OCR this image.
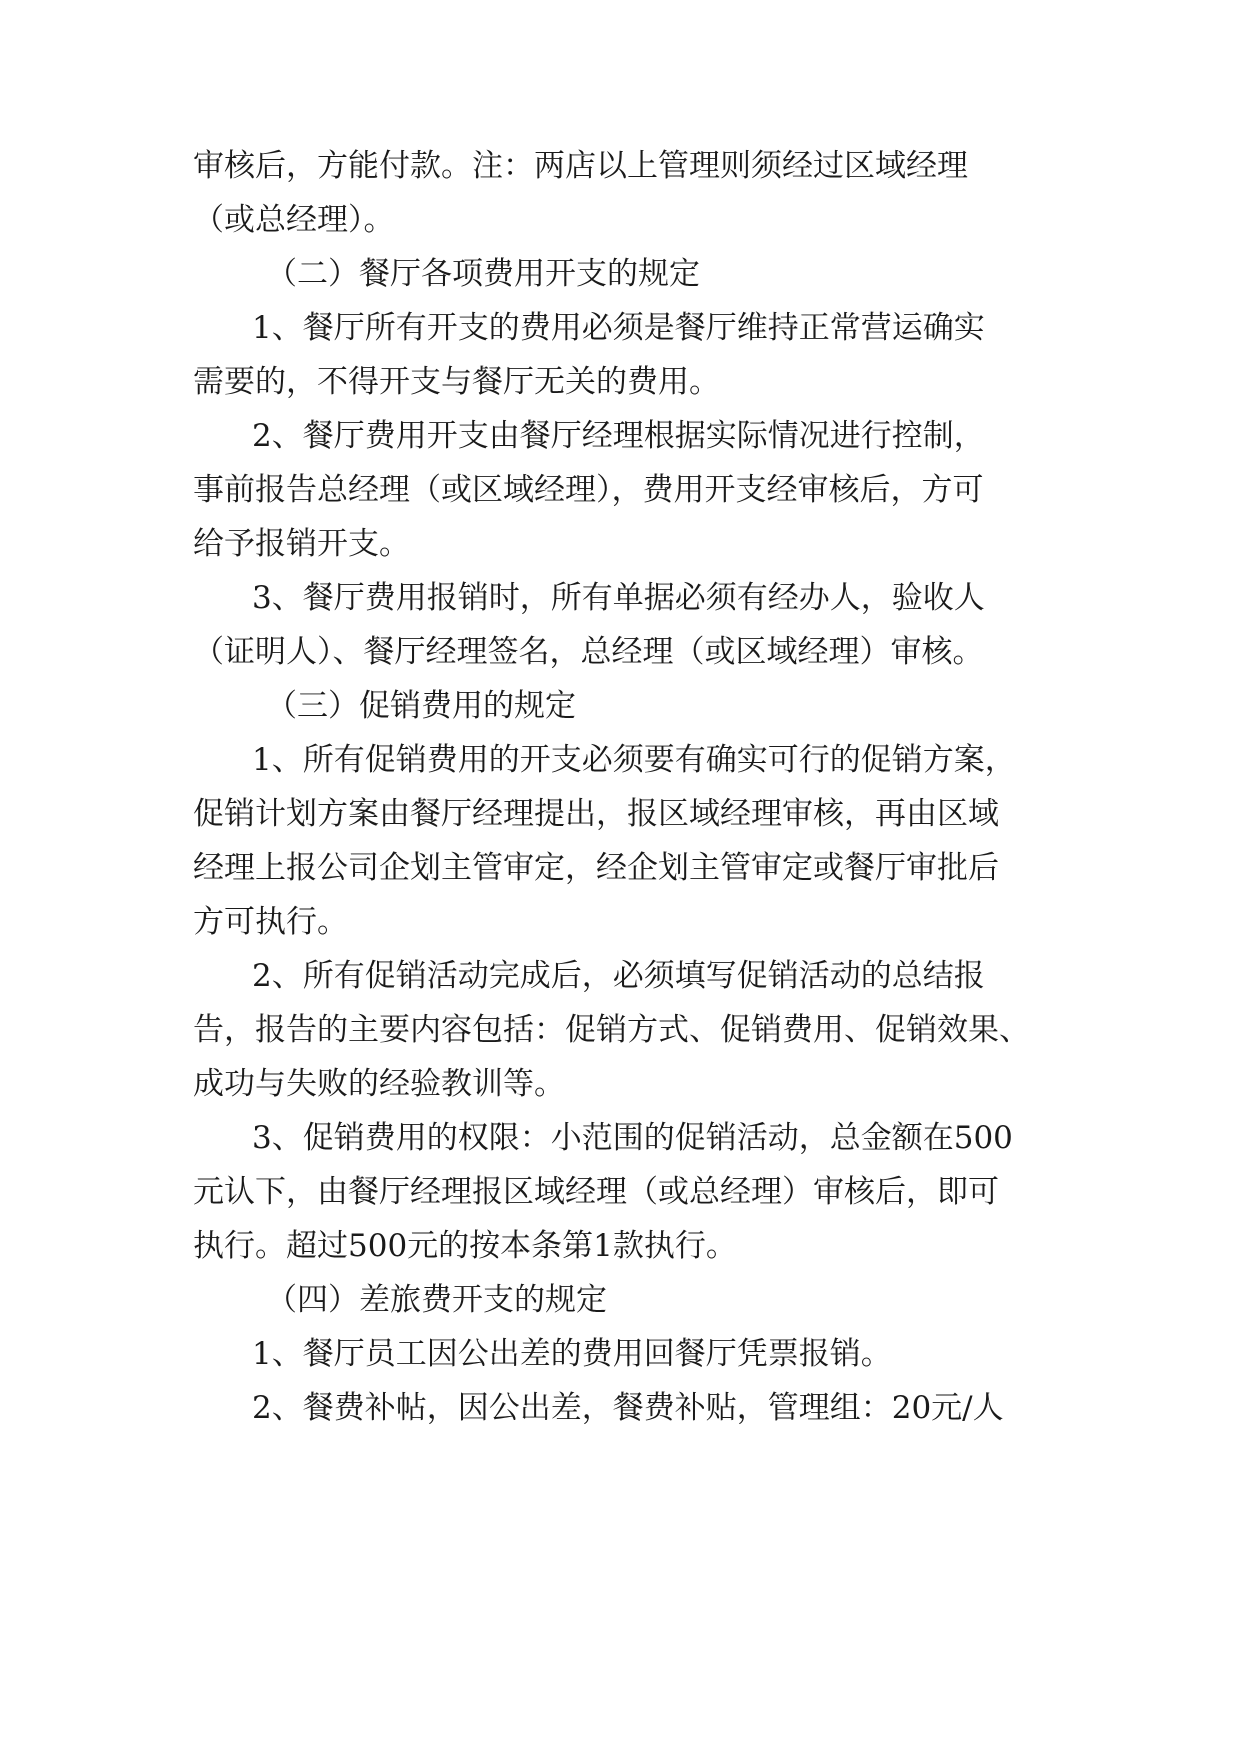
审核后，方能付款。注：两店以上管理则须经过区域经理
（或总经理）。
（二）餐厅各项费用开支的规定
1、餐厅所有开支的费用必须是餐厅维持正常营运确实
需要的，不得开支与餐厅无关的费用。
2、餐厅费用开支由餐厅经理根据实际情况进行控制，
事前报告总经理（或区域经理），费用开支经审核后，方可
给予报销开支。
3、餐厅费用报销时，所有单据必须有经办人，验收人
（证明人）、餐厅经理签名，总经理（或区域经理）审核。
（三）促销费用的规定
1、所有促销费用的开支必须要有确实可行的促销方案，
促销计划方案由餐厅经理提出，报区域经理审核，再由区域
经理上报公司企划主管审定，经企划主管审定或餐厅审批后
方可执行。
2、所有促销活动完成后，必须填写促销活动的总结报
告，报告的主要内容包括：促销方式、促销费用、促销效果、
成功与失败的经验教训等。
3、促销费用的权限：小范围的促销活动，总金额在500
元认下，由餐厅经理报区域经理（或总经理）审核后，即可
执行。超过500元的按本条第1款执行。
（四）差旅费开支的规定
1、餐厅员工因公出差的费用回餐厅凭票报销。
2、餐费补帖，因公出差，餐费补贴，管理组：20元/人
